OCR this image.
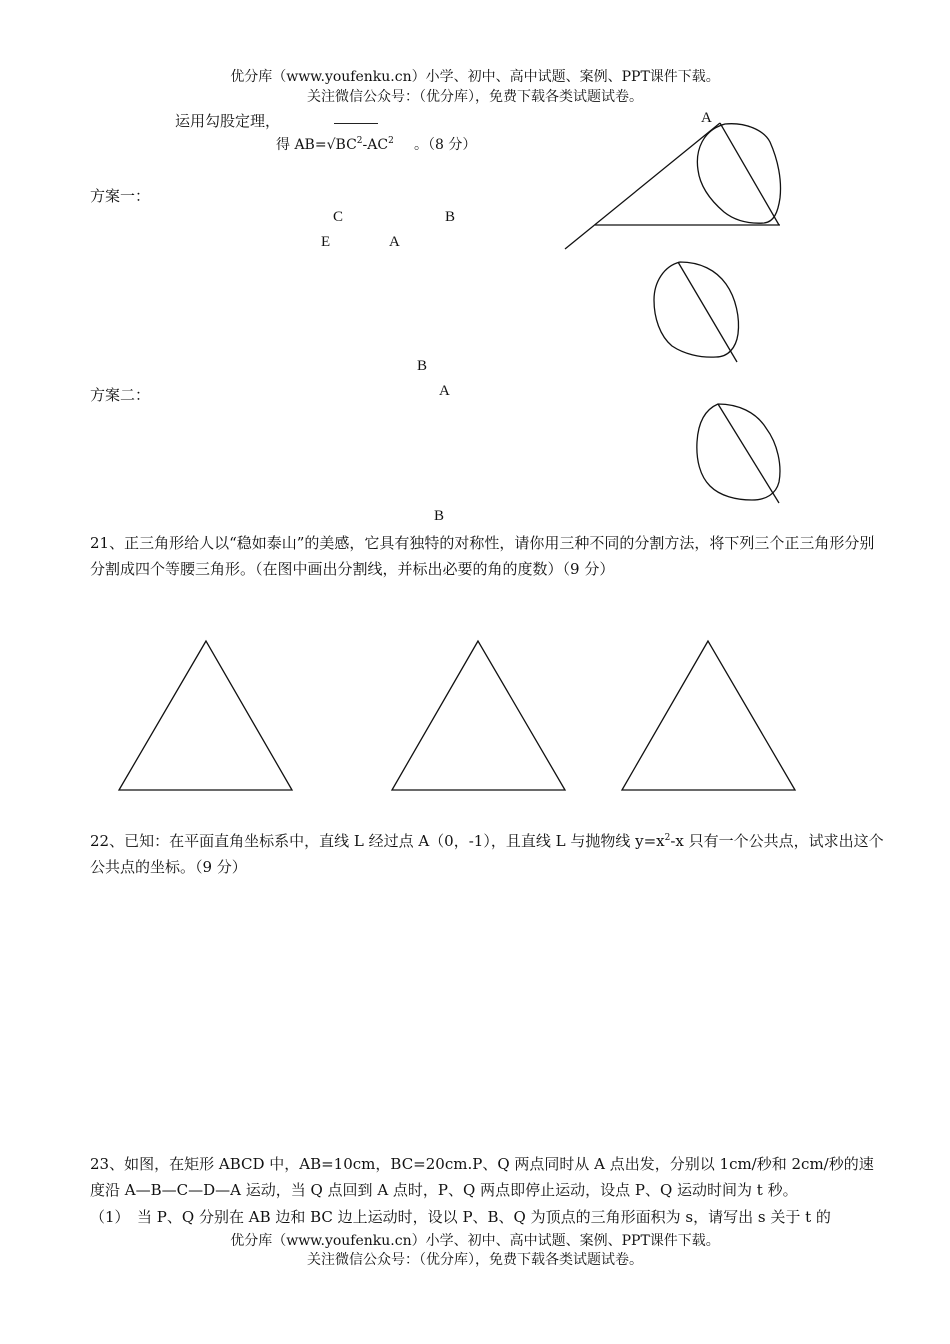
优分库（www.youfenku.cn）小学、初中、高中试题、案例、PPT课件下载。
关注微信公众号：（优分库），免费下载各类试题试卷。
运用勾股定理，
得 $AB=√BC^2-AC^2$ 。（8 分）
方案一：
方案二：
A
C	B
E	A
B
A
B
21、正三角形给人以“稳如泰山”的美感，它具有独特的对称性，请你用三种不同的分割方法，将下列三个正三角形分别分割成四个等腰三角形。（在图中画出分割线，并标出必要的角的度数）（9 分）
22、已知：在平面直角坐标系中，直线 L 经过点 A（0，-1），且直线 L 与抛物线 $y=x^2-x$ 只有一个公共点，试求出这个公共点的坐标。（9 分）
23、如图，在矩形 ABCD 中，AB=10cm，BC=20cm.P、Q 两点同时从 A 点出发，分别以 1cm/秒和 2cm/秒的速度沿 A—B—C—D—A 运动，当 Q 点回到 A 点时，P、Q 两点即停止运动，设点 P、Q 运动时间为 t 秒。
（1）　当 P、Q 分别在 AB 边和 BC 边上运动时，设以 P、B、Q 为顶点的三角形面积为 s，请写出 s 关于 t 的
优分库（www.youfenku.cn）小学、初中、高中试题、案例、PPT课件下载。
关注微信公众号：（优分库），免费下载各类试题试卷。
